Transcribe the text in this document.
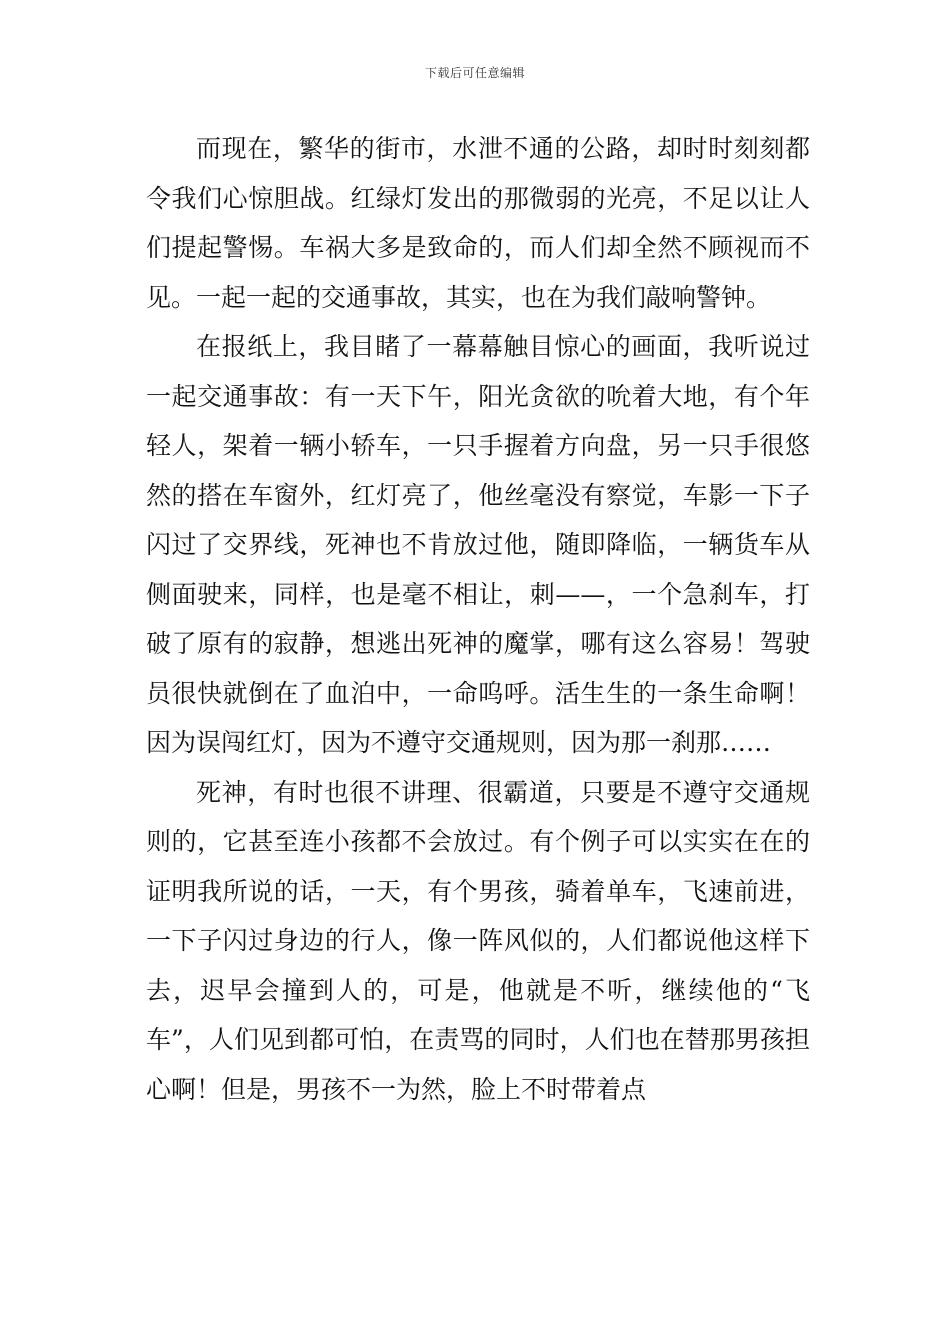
下载后可任意编辑

而现在，繁华的街市，水泄不通的公路，却时时刻刻都令我们心惊胆战。红绿灯发出的那微弱的光亮，不足以让人们提起警惕。车祸大多是致命的，而人们却全然不顾视而不见。一起一起的交通事故，其实，也在为我们敲响警钟。

在报纸上，我目睹了一幕幕触目惊心的画面，我听说过一起交通事故：有一天下午，阳光贪欲的吮着大地，有个年轻人，架着一辆小轿车，一只手握着方向盘，另一只手很悠然的搭在车窗外，红灯亮了，他丝毫没有察觉，车影一下子闪过了交界线，死神也不肯放过他，随即降临，一辆货车从侧面驶来，同样，也是毫不相让，刺——，一个急刹车，打破了原有的寂静，想逃出死神的魔掌，哪有这么容易！驾驶员很快就倒在了血泊中，一命呜呼。活生生的一条生命啊！因为误闯红灯，因为不遵守交通规则，因为那一刹那……

死神，有时也很不讲理、很霸道，只要是不遵守交通规则的，它甚至连小孩都不会放过。有个例子可以实实在在的证明我所说的话，一天，有个男孩，骑着单车，飞速前进，一下子闪过身边的行人，像一阵风似的，人们都说他这样下去，迟早会撞到人的，可是，他就是不听，继续他的“飞车”，人们见到都可怕，在责骂的同时，人们也在替那男孩担心啊！但是，男孩不一为然，脸上不时带着点
